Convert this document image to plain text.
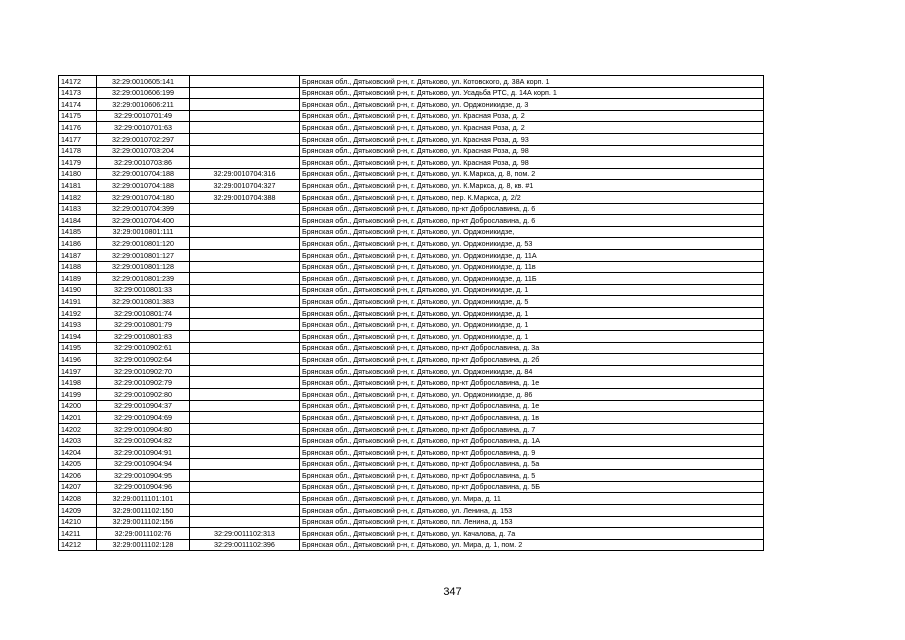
14172	32:29:0010605:141		Брянская обл., Дятьковский р-н, г. Дятьково, ул. Котовского, д. 38А корп. 1
14173	32:29:0010606:199		Брянская обл., Дятьковский р-н, г. Дятьково, ул. Усадьба РТС, д. 14А корп. 1
14174	32:29:0010606:211		Брянская обл., Дятьковский р-н, г. Дятьково, ул. Орджоникидзе, д. 3
14175	32:29:0010701:49		Брянская обл., Дятьковский р-н, г. Дятьково, ул. Красная Роза, д. 2
14176	32:29:0010701:63		Брянская обл., Дятьковский р-н, г. Дятьково, ул. Красная Роза, д. 2
14177	32:29:0010702:297		Брянская обл., Дятьковский р-н, г. Дятьково, ул. Красная Роза, д. 93
14178	32:29:0010703:204		Брянская обл., Дятьковский р-н, г. Дятьково, ул. Красная Роза, д. 98
14179	32:29:0010703:86		Брянская обл., Дятьковский р-н, г. Дятьково, ул. Красная Роза, д. 98
14180	32:29:0010704:188	32:29:0010704:316	Брянская обл., Дятьковский р-н, г. Дятьково, ул. К.Маркса, д. 8, пом. 2
14181	32:29:0010704:188	32:29:0010704:327	Брянская обл., Дятьковский р-н, г. Дятьково, ул. К.Маркса, д. 8, кв. #1
14182	32:29:0010704:180	32:29:0010704:388	Брянская обл., Дятьковский р-н, г. Дятьково, пер. К.Маркса, д. 2/2
14183	32:29:0010704:399		Брянская обл., Дятьковский р-н, г. Дятьково, пр-кт Доброславина, д. 6
14184	32:29:0010704:400		Брянская обл., Дятьковский р-н, г. Дятьково, пр-кт Доброславина, д. 6
14185	32:29:0010801:111		Брянская обл., Дятьковский р-н, г. Дятьково, ул. Орджоникидзе,
14186	32:29:0010801:120		Брянская обл., Дятьковский р-н, г. Дятьково, ул. Орджоникидзе, д. 53
14187	32:29:0010801:127		Брянская обл., Дятьковский р-н, г. Дятьково, ул. Орджоникидзе, д. 11А
14188	32:29:0010801:128		Брянская обл., Дятьковский р-н, г. Дятьково, ул. Орджоникидзе, д. 11в
14189	32:29:0010801:239		Брянская обл., Дятьковский р-н, г. Дятьково, ул. Орджоникидзе, д. 11Б
14190	32:29:0010801:33		Брянская обл., Дятьковский р-н, г. Дятьково, ул. Орджоникидзе, д. 1
14191	32:29:0010801:383		Брянская обл., Дятьковский р-н, г. Дятьково, ул. Орджоникидзе, д. 5
14192	32:29:0010801:74		Брянская обл., Дятьковский р-н, г. Дятьково, ул. Орджоникидзе, д. 1
14193	32:29:0010801:79		Брянская обл., Дятьковский р-н, г. Дятьково, ул. Орджоникидзе, д. 1
14194	32:29:0010801:83		Брянская обл., Дятьковский р-н, г. Дятьково, ул. Орджоникидзе, д. 1
14195	32:29:0010902:61		Брянская обл., Дятьковский р-н, г. Дятьково, пр-кт Доброславина, д. 3а
14196	32:29:0010902:64		Брянская обл., Дятьковский р-н, г. Дятьково, пр-кт Доброславина, д. 2б
14197	32:29:0010902:70		Брянская обл., Дятьковский р-н, г. Дятьково, ул. Орджоникидзе, д. 84
14198	32:29:0010902:79		Брянская обл., Дятьковский р-н, г. Дятьково, пр-кт Доброславина, д. 1е
14199	32:29:0010902:80		Брянская обл., Дятьковский р-н, г. Дятьково, ул. Орджоникидзе, д. 86
14200	32:29:0010904:37		Брянская обл., Дятьковский р-н, г. Дятьково, пр-кт Доброславина, д. 1е
14201	32:29:0010904:69		Брянская обл., Дятьковский р-н, г. Дятьково, пр-кт Доброславина, д. 1в
14202	32:29:0010904:80		Брянская обл., Дятьковский р-н, г. Дятьково, пр-кт Доброславина, д. 7
14203	32:29:0010904:82		Брянская обл., Дятьковский р-н, г. Дятьково, пр-кт Доброславина, д. 1А
14204	32:29:0010904:91		Брянская обл., Дятьковский р-н, г. Дятьково, пр-кт Доброславина, д. 9
14205	32:29:0010904:94		Брянская обл., Дятьковский р-н, г. Дятьково, пр-кт Доброславина, д. 5а
14206	32:29:0010904:95		Брянская обл., Дятьковский р-н, г. Дятьково, пр-кт Доброславина, д. 5
14207	32:29:0010904:96		Брянская обл., Дятьковский р-н, г. Дятьково, пр-кт Доброславина, д. 5Б
14208	32:29:0011101:101		Брянская обл., Дятьковский р-н, г. Дятьково, ул. Мира, д. 11
14209	32:29:0011102:150		Брянская обл., Дятьковский р-н, г. Дятьково, ул. Ленина, д. 153
14210	32:29:0011102:156		Брянская обл., Дятьковский р-н, г. Дятьково, пл. Ленина, д. 153
14211	32:29:0011102:76	32:29:0011102:313	Брянская обл., Дятьковский р-н, г. Дятьково, ул. Качалова, д. 7а
14212	32:29:0011102:128	32:29:0011102:396	Брянская обл., Дятьковский р-н, г. Дятьково, ул. Мира, д. 1, пом. 2
347
